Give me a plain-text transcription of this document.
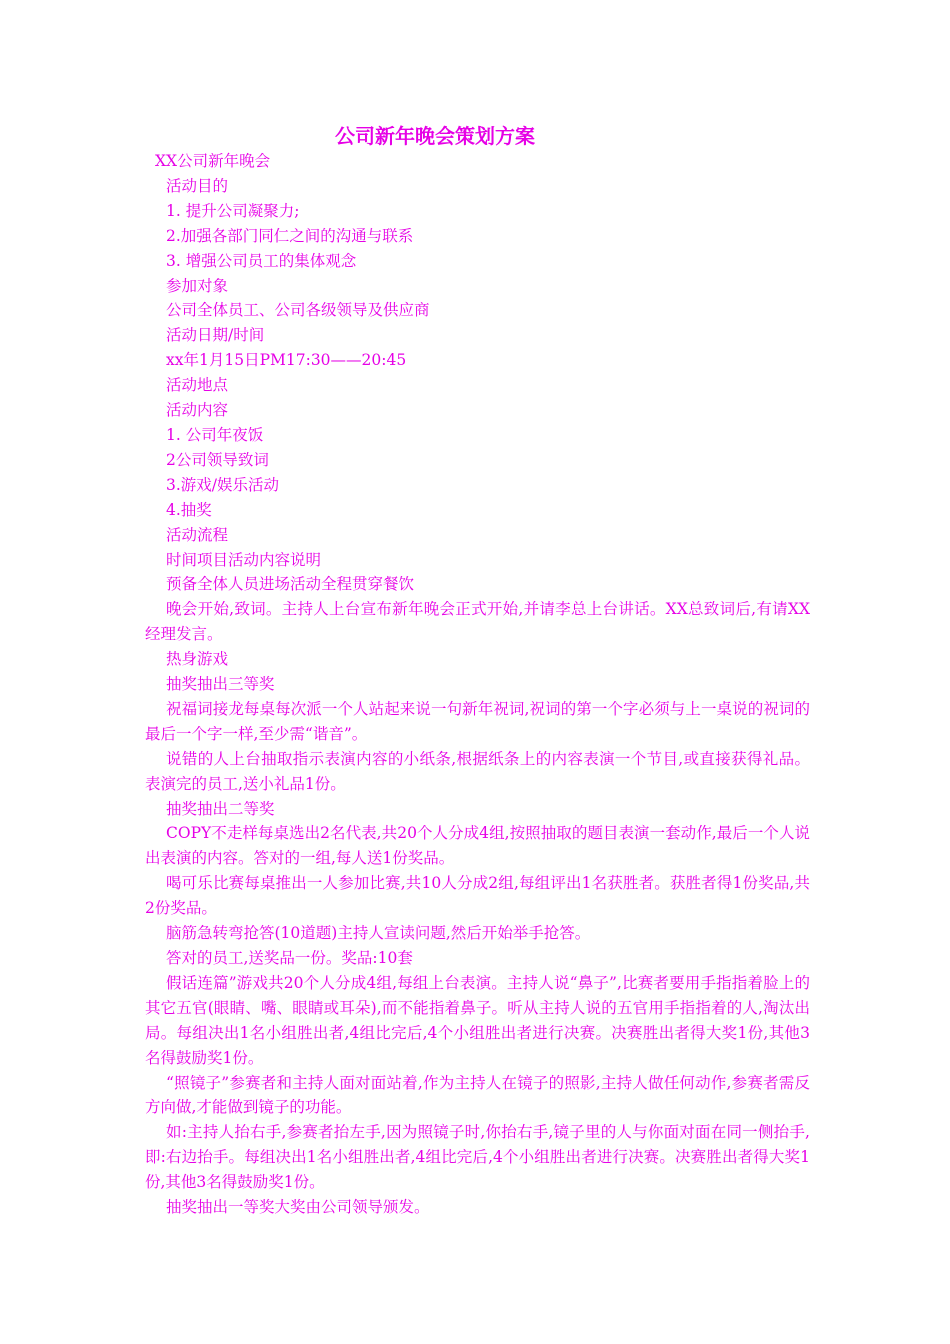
公司新年晚会策划方案

XX公司新年晚会

活动目的

1. 提升公司凝聚力;

2.加强各部门同仁之间的沟通与联系

3. 增强公司员工的集体观念

参加对象

公司全体员工、公司各级领导及供应商

活动日期/时间

xx年1月15日PM17:30——20:45

活动地点

活动内容

1. 公司年夜饭

2公司领导致词

3.游戏/娱乐活动

4.抽奖

活动流程

时间项目活动内容说明

预备全体人员进场活动全程贯穿餐饮

晚会开始,致词。主持人上台宣布新年晚会正式开始,并请李总上台讲话。XX总致词后,有请XX经理发言。

热身游戏

抽奖抽出三等奖

祝福词接龙每桌每次派一个人站起来说一句新年祝词,祝词的第一个字必须与上一桌说的祝词的最后一个字一样,至少需“谐音”。

说错的人上台抽取指示表演内容的小纸条,根据纸条上的内容表演一个节目,或直接获得礼品。表演完的员工,送小礼品1份。

抽奖抽出二等奖

COPY不走样每桌选出2名代表,共20个人分成4组,按照抽取的题目表演一套动作,最后一个人说出表演的内容。答对的一组,每人送1份奖品。

喝可乐比赛每桌推出一人参加比赛,共10人分成2组,每组评出1名获胜者。获胜者得1份奖品,共2份奖品。

脑筋急转弯抢答(10道题)主持人宣读问题,然后开始举手抢答。

答对的员工,送奖品一份。奖品:10套

假话连篇”游戏共20个人分成4组,每组上台表演。主持人说“鼻子”,比赛者要用手指指着脸上的其它五官(眼睛、嘴、眼睛或耳朵),而不能指着鼻子。听从主持人说的五官用手指指着的人,淘汰出局。每组决出1名小组胜出者,4组比完后,4个小组胜出者进行决赛。决赛胜出者得大奖1份,其他3名得鼓励奖1份。

“照镜子”参赛者和主持人面对面站着,作为主持人在镜子的照影,主持人做任何动作,参赛者需反方向做,才能做到镜子的功能。

如:主持人抬右手,参赛者抬左手,因为照镜子时,你抬右手,镜子里的人与你面对面在同一侧抬手,即:右边抬手。每组决出1名小组胜出者,4组比完后,4个小组胜出者进行决赛。决赛胜出者得大奖1份,其他3名得鼓励奖1份。

抽奖抽出一等奖大奖由公司领导颁发。
